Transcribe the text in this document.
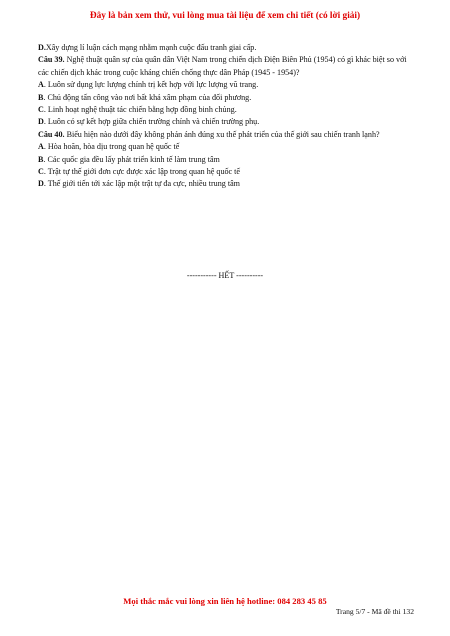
Đây là bản xem thử, vui lòng mua tài liệu để xem chi tiết (có lời giải)

D.Xây dựng lí luận cách mạng nhằm mạnh cuộc đấu tranh giai cấp.

Câu 39. Nghệ thuật quân sự của quân dân Việt Nam trong chiến dịch Điện Biên Phủ (1954) có gì khác biệt so với các chiến dịch khác trong cuộc kháng chiến chống thực dân Pháp (1945 - 1954)?

A. Luôn sử dụng lực lượng chính trị kết hợp với lực lượng vũ trang.

B. Chủ động tấn công vào nơi bất khả xâm phạm của đối phương.

C. Linh hoạt nghệ thuật tác chiến bằng hợp đồng binh chủng.

D. Luôn có sự kết hợp giữa chiến trường chính và chiến trường phụ.

Câu 40. Biểu hiện nào dưới đây không phản ánh đúng xu thế phát triển của thế giới sau chiến tranh lạnh?

A. Hòa hoãn, hòa dịu trong quan hệ quốc tế

B. Các quốc gia đều lấy phát triển kinh tế làm trung tâm

C. Trật tự thế giới đơn cực được xác lập trong quan hệ quốc tế

D. Thế giới tiến tới xác lập một trật tự đa cực, nhiều trung tâm

----------- HẾT ----------
Mọi thắc mắc vui lòng xin liên hệ hotline: 084 283 45 85
Trang 5/7 - Mã đề thi 132
